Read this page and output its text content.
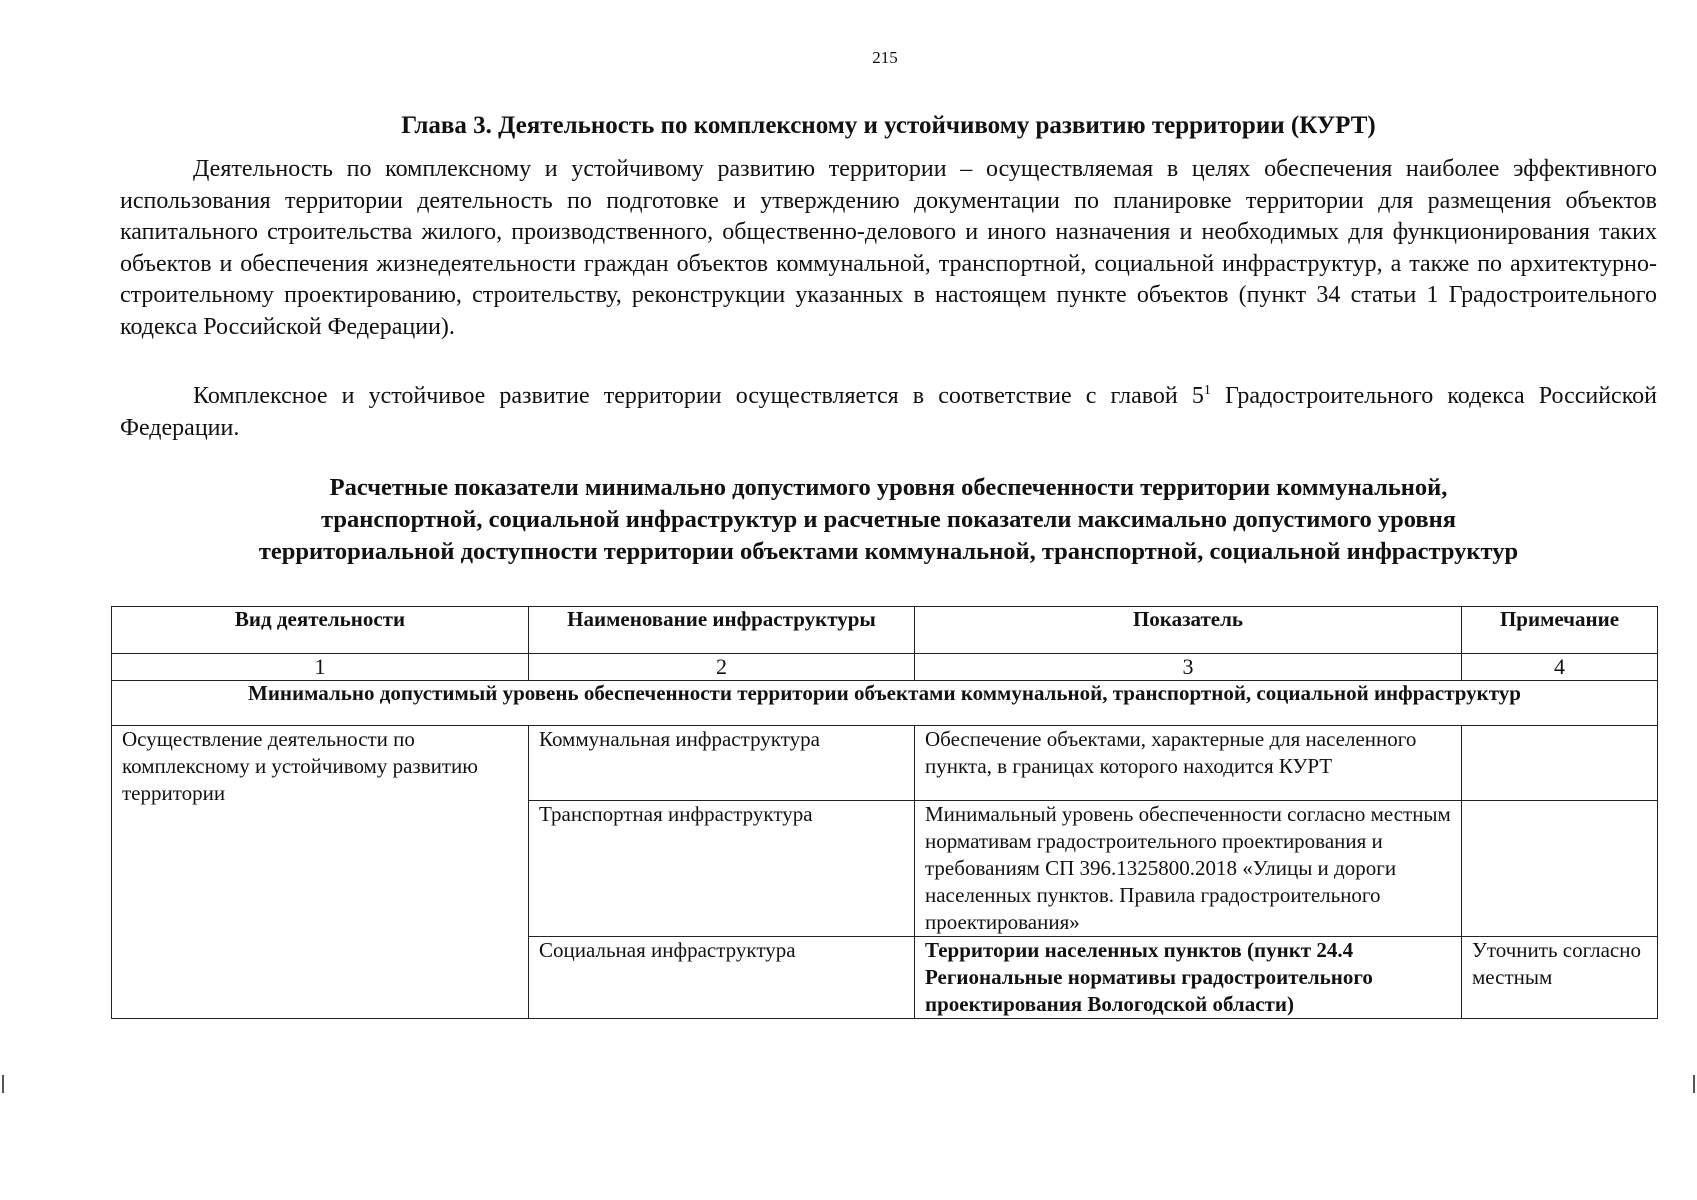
215
Глава 3. Деятельность по комплексному и устойчивому развитию территории (КУРТ)

Деятельность по комплексному и устойчивому развитию территории – осуществляемая в целях обеспечения наиболее эффективного использования территории деятельность по подготовке и утверждению документации по планировке территории для размещения объектов капитального строительства жилого, производственного, общественно-делового и иного назначения и необходимых для функционирования таких объектов и обеспечения жизнедеятельности граждан объектов коммунальной, транспортной, социальной инфраструктур, а также по архитектурно-строительному проектированию, строительству, реконструкции указанных в настоящем пункте объектов (пункт 34 статьи 1 Градостроительного кодекса Российской Федерации).

Комплексное и устойчивое развитие территории осуществляется в соответствие с главой $5^1$ Градостроительного кодекса Российской Федерации.

Расчетные показатели минимально допустимого уровня обеспеченности территории коммунальной,
транспортной, социальной инфраструктур и расчетные показатели максимально допустимого уровня
территориальной доступности территории объектами коммунальной, транспортной, социальной инфраструктур
Вид деятельности	Наименование инфраструктуры	Показатель	Примечание
1	2	3	4
Минимально допустимый уровень обеспеченности территории объектами коммунальной, транспортной, социальной инфраструктур			
Осуществление деятельности по комплексному и устойчивому развитию территории	Коммунальная инфраструктура	Обеспечение объектами, характерные для населенного пункта, в границах которого находится КУРТ	
	Транспортная инфраструктура	Минимальный уровень обеспеченности согласно местным нормативам градостроительного проектирования и требованиям СП 396.1325800.2018 «Улицы и дороги населенных пунктов. Правила градостроительного проектирования»	
	Социальная инфраструктура	Территории населенных пунктов (пункт 24.4 Региональные нормативы градостроительного проектирования Вологодской области)	Уточнить согласно местным
